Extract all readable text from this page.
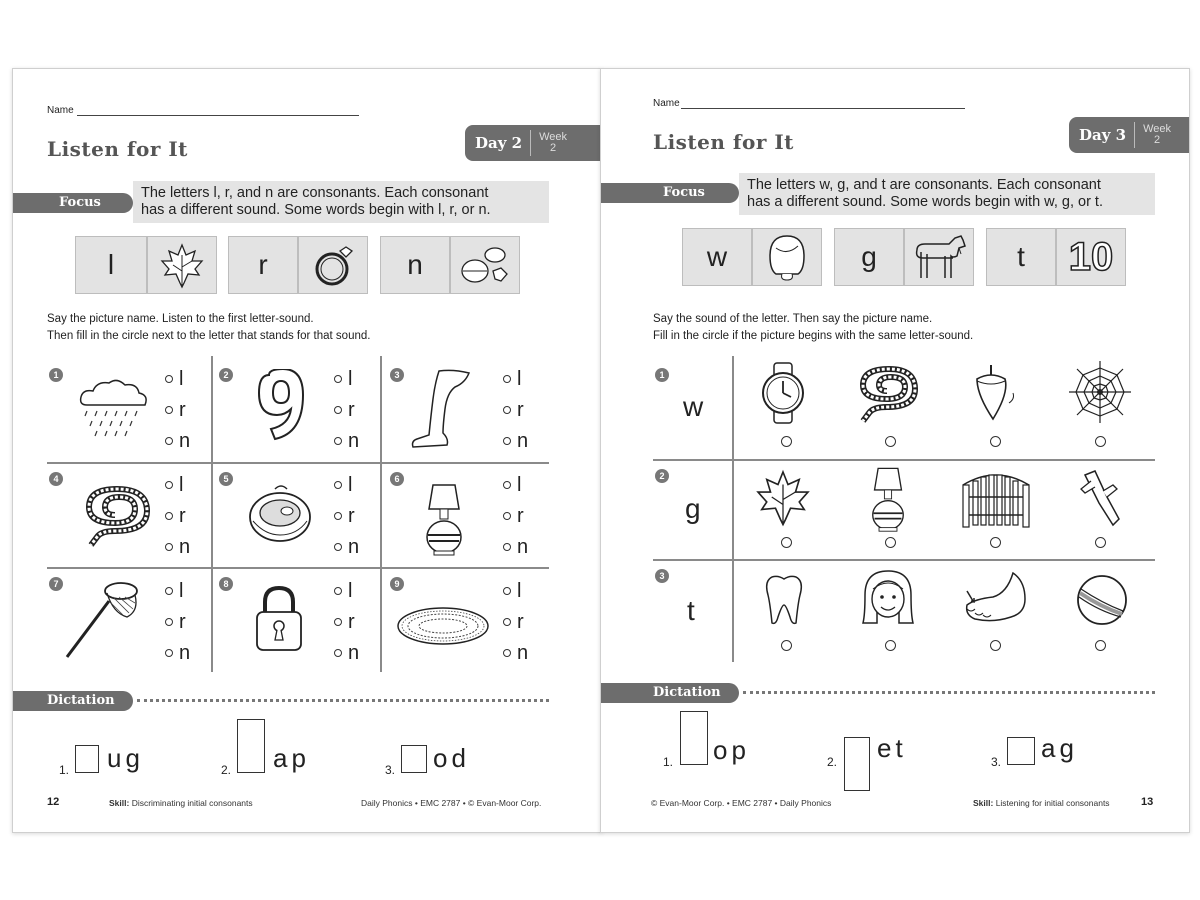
Name
Listen for It	Day 2	Week
2
The letters l, r, and n are consonants. Each consonant
has a different sound. Some words begin with l, r, or n.
Focus
l	r	n
Say the picture name. Listen to the first letter-sound.
Then fill in the circle next to the letter that stands for that sound.
1	l
r
n
2	l
r
n
3	l
r
n
4	l
r
n
5	l
r
n
6	l
r
n
7	l
r
n
8	l
r
n
9	l
r
n
Dictation
1. ug	2. ap	3. od
12	Skill: Discriminating initial consonants	Daily Phonics • EMC 2787 • © Evan-Moor Corp.
Name
Listen for It	Day 3	Week
2
The letters w, g, and t are consonants. Each consonant
has a different sound. Some words begin with w, g, or t.
Focus
w	g	t	10
Say the sound of the letter. Then say the picture name.
Fill in the circle if the picture begins with the same letter-sound.
1
w
2
g
3
t
Dictation
1. op	2. et	3. ag
© Evan-Moor Corp. • EMC 2787 • Daily Phonics	Skill: Listening for initial consonants	13
